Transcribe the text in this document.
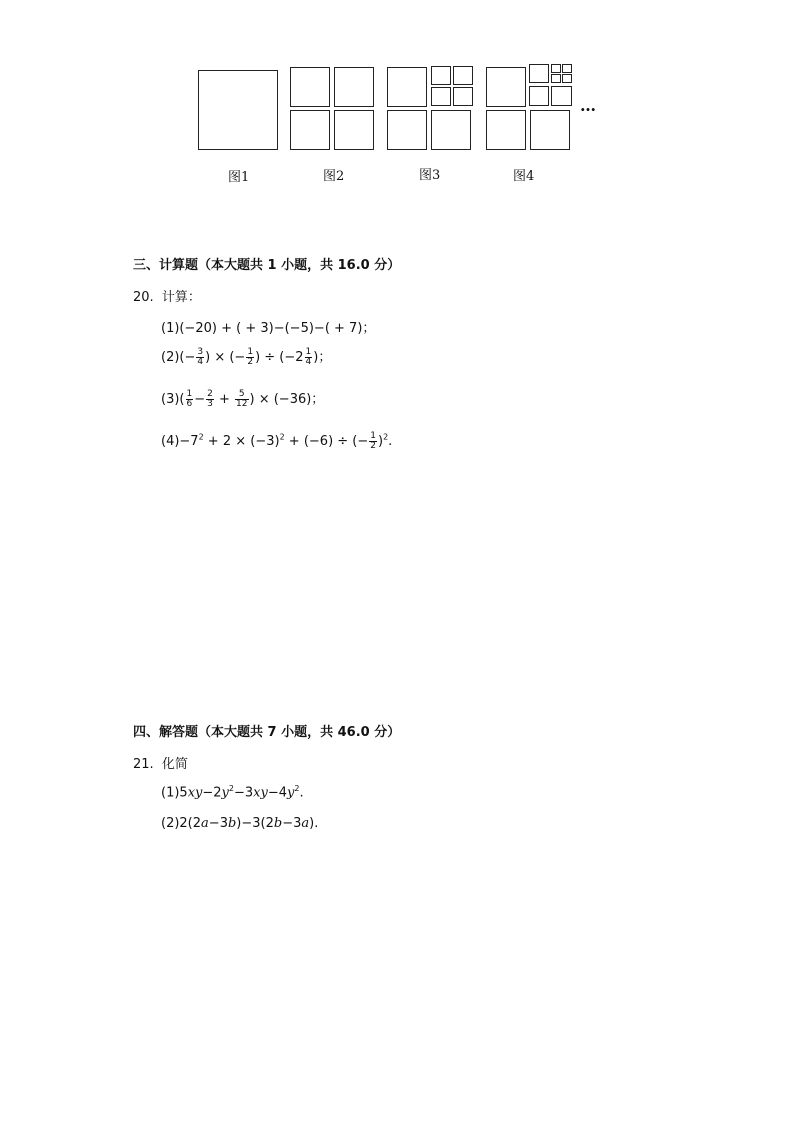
…
图1	图2	图3	图4
三、计算题（本大题共 1 小题，共 16.0 分）
20. 计算：
(1)(−20) + ( + 3)−(−5)−( + 7)；
$(2)(- \frac{3}{4}$ ) × (− $\frac{1}{2}$ ) ÷ ($-2 \frac{1}{4}$ )；
$(3)( \frac{1}{6} - \frac{2}{3} + \frac{5}{12}$ ) × (−36)；
$(4)-7^2 + 2 \times (-3)^2 + (-6)$ ÷ (− $\frac{1}{2} )^2$.
四、解答题（本大题共 7 小题，共 46.0 分）
21. 化简
$(1)5xy-2y^2-3xy-4y^2$.
(2)2(2a−3b)−3(2b−3a).
